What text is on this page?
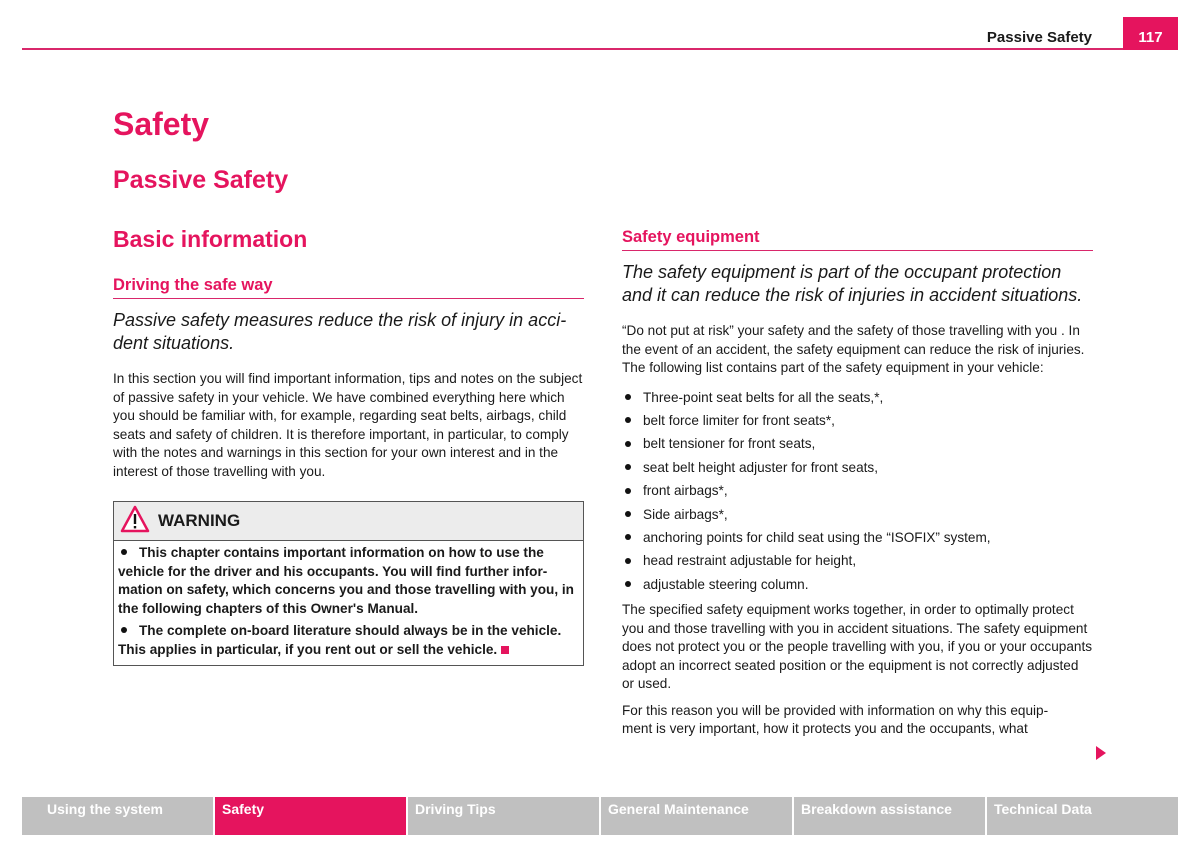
Passive Safety	117
Safety
Passive Safety
Basic information
Driving the safe way

Passive safety measures reduce the risk of injury in acci-dent situations.

In this section you will find important information, tips and notes on the subject of passive safety in your vehicle. We have combined everything here which you should be familiar with, for example, regarding seat belts, airbags, child seats and safety of children. It is therefore important, in particular, to comply with the notes and warnings in this section for your own interest and in the interest of those travelling with you.

WARNING
This chapter contains important information on how to use the vehicle for the driver and his occupants. You will find further infor-mation on safety, which concerns you and those travelling with you, in the following chapters of this Owner's Manual.
The complete on-board literature should always be in the vehicle. This applies in particular, if you rent out or sell the vehicle.
Safety equipment

The safety equipment is part of the occupant protection and it can reduce the risk of injuries in accident situations.

“Do not put at risk” your safety and the safety of those travelling with you . In the event of an accident, the safety equipment can reduce the risk of injuries. The following list contains part of the safety equipment in your vehicle:

Three-point seat belts for all the seats,*,
belt force limiter for front seats*,
belt tensioner for front seats,
seat belt height adjuster for front seats,
front airbags*,
Side airbags*,
anchoring points for child seat using the “ISOFIX” system,
head restraint adjustable for height,
adjustable steering column.

The specified safety equipment works together, in order to optimally protect you and those travelling with you in accident situations. The safety equipment does not protect you or the people travelling with you, if you or your occupants adopt an incorrect seated position or the equipment is not correctly adjusted or used.

For this reason you will be provided with information on why this equip-ment is very important, how it protects you and the occupants, what

Using the system	Safety	Driving Tips	General Maintenance	Breakdown assistance	Technical Data
